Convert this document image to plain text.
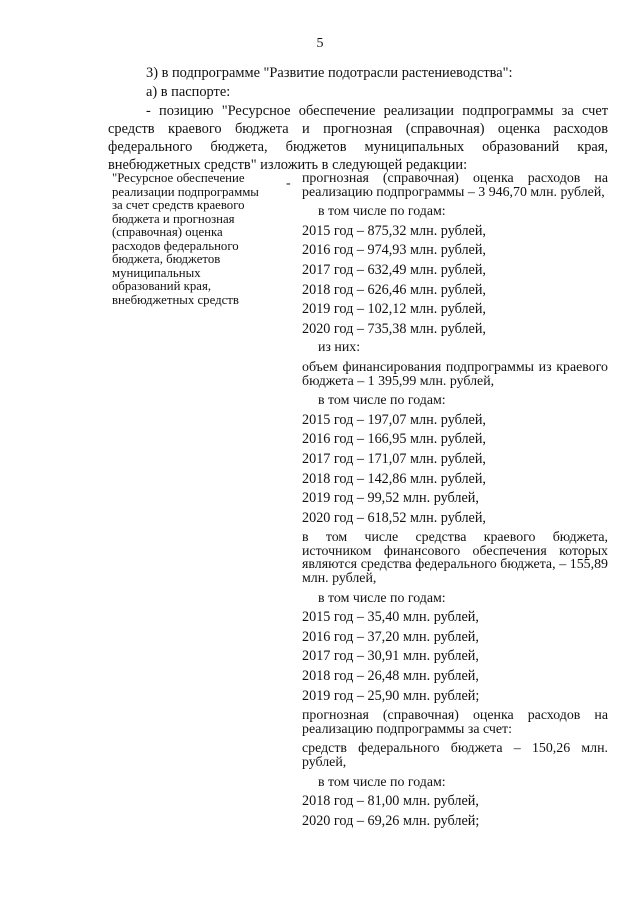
5

3) в подпрограмме "Развитие подотрасли растениеводства":

а) в паспорте:

- позицию "Ресурсное обеспечение реализации подпрограммы за счет средств краевого бюджета и прогнозная (справочная) оценка расходов федерального бюджета, бюджетов муниципальных образований края, внебюджетных средств" изложить в следующей редакции:

"Ресурсное обеспечение реализации подпрограммы за счет средств краевого бюджета и прогнозная (справочная) оценка расходов федерального бюджета, бюджетов муниципальных образований края, внебюджетных средств

- прогнозная (справочная) оценка расходов на реализацию подпрограммы – 3 946,70 млн. рублей,

в том числе по годам:

2015 год – 875,32 млн. рублей,

2016 год – 974,93 млн. рублей,

2017 год – 632,49 млн. рублей,

2018 год – 626,46 млн. рублей,

2019 год – 102,12 млн. рублей,

2020 год – 735,38 млн. рублей,

из них:

объем финансирования подпрограммы из краевого бюджета – 1 395,99 млн. рублей,

в том числе по годам:

2015 год – 197,07 млн. рублей,

2016 год – 166,95 млн. рублей,

2017 год – 171,07 млн. рублей,

2018 год – 142,86 млн. рублей,

2019 год – 99,52 млн. рублей,

2020 год – 618,52 млн. рублей,

в том числе средства краевого бюджета, источником финансового обеспечения которых являются средства федерального бюджета, – 155,89 млн. рублей,

в том числе по годам:

2015 год – 35,40 млн. рублей,

2016 год – 37,20 млн. рублей,

2017 год – 30,91 млн. рублей,

2018 год – 26,48 млн. рублей,

2019 год – 25,90 млн. рублей;

прогнозная (справочная) оценка расходов на реализацию подпрограммы за счет:

средств федерального бюджета – 150,26 млн. рублей,

в том числе по годам:

2018 год – 81,00 млн. рублей,

2020 год – 69,26 млн. рублей;
